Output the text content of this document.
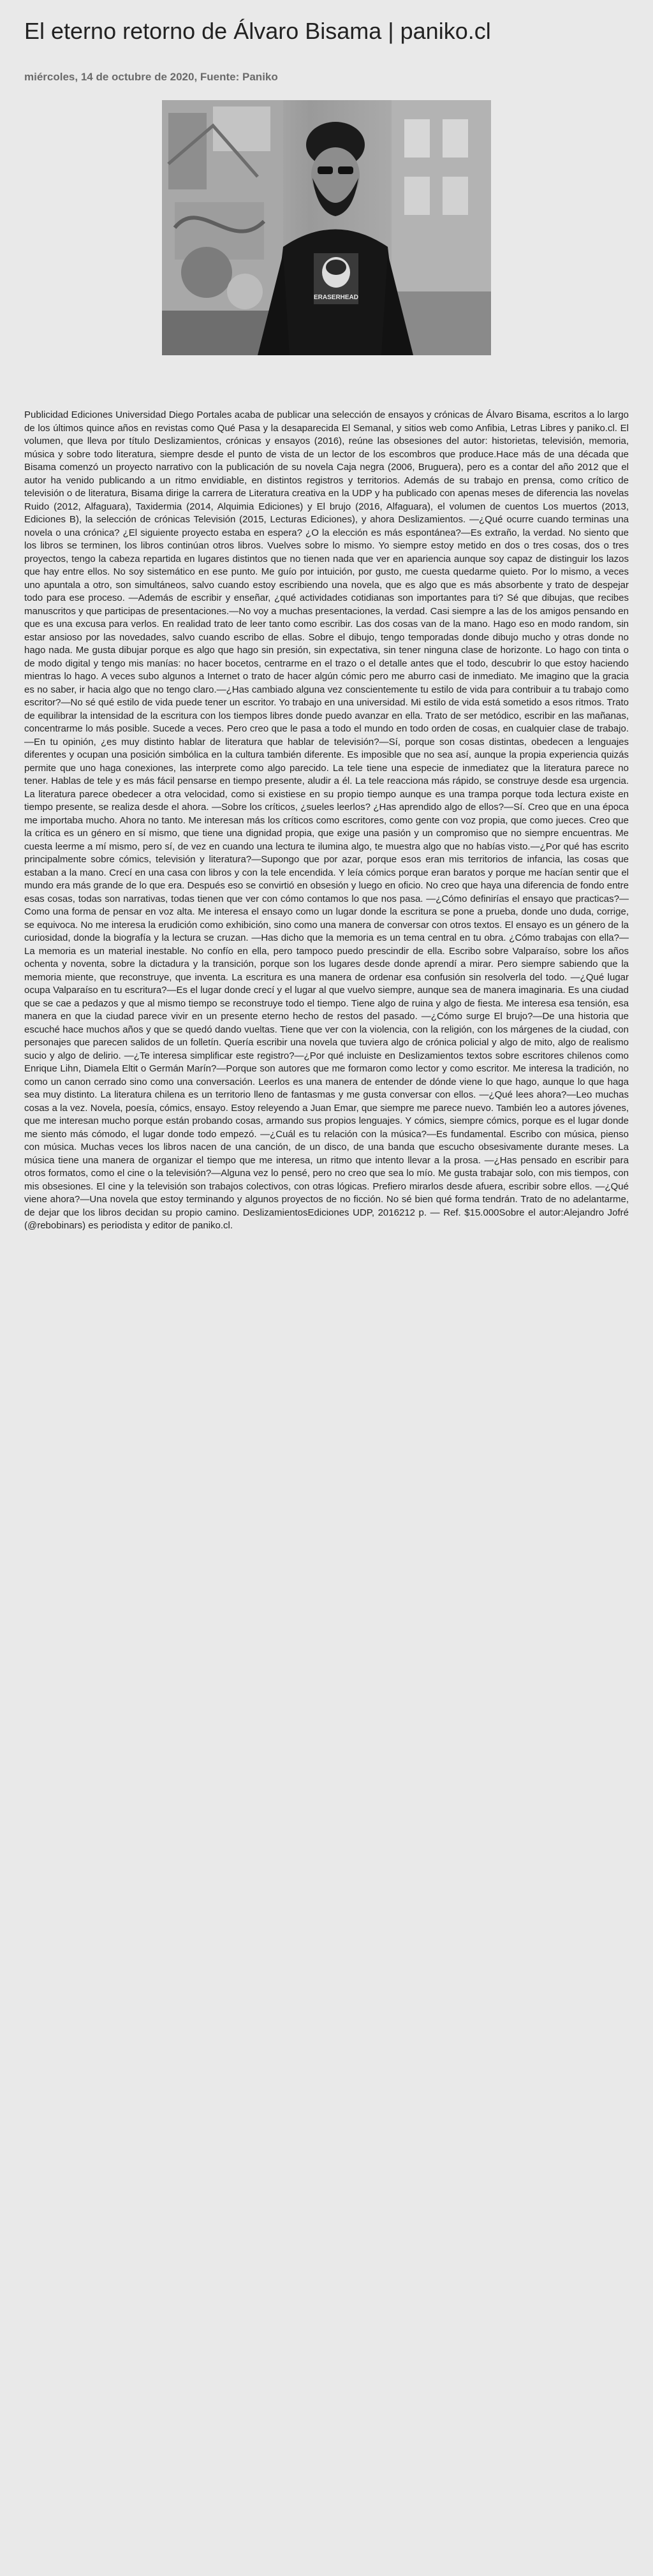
El eterno retorno de Álvaro Bisama | paniko.cl
miércoles, 14 de octubre de 2020, Fuente: Paniko
ERASERHEAD

Publicidad Ediciones Universidad Diego Portales acaba de publicar una selección de ensayos y crónicas de Álvaro Bisama, escritos a lo largo de los últimos quince años en revistas como Qué Pasa y la desaparecida El Semanal, y sitios web como Anfibia, Letras Libres y paniko.cl. El volumen, que lleva por título Deslizamientos, crónicas y ensayos (2016), reúne las obsesiones del autor: historietas, televisión, memoria, música y sobre todo literatura, siempre desde el punto de vista de un lector de los escombros que produce.Hace más de una década que Bisama comenzó un proyecto narrativo con la publicación de su novela Caja negra (2006, Bruguera), pero es a contar del año 2012 que el autor ha venido publicando a un ritmo envidiable, en distintos registros y territorios. Además de su trabajo en prensa, como crítico de televisión o de literatura, Bisama dirige la carrera de Literatura creativa en la UDP y ha publicado con apenas meses de diferencia las novelas Ruido (2012, Alfaguara), Taxidermia (2014, Alquimia Ediciones) y El brujo (2016, Alfaguara), el volumen de cuentos Los muertos (2013, Ediciones B), la selección de crónicas Televisión (2015, Lecturas Ediciones), y ahora Deslizamientos. —¿Qué ocurre cuando terminas una novela o una crónica? ¿El siguiente proyecto estaba en espera? ¿O la elección es más espontánea?—Es extraño, la verdad. No siento que los libros se terminen, los libros continúan otros libros. Vuelves sobre lo mismo. Yo siempre estoy metido en dos o tres cosas, dos o tres proyectos, tengo la cabeza repartida en lugares distintos que no tienen nada que ver en apariencia aunque soy capaz de distinguir los lazos que hay entre ellos. No soy sistemático en ese punto. Me guío por intuición, por gusto, me cuesta quedarme quieto. Por lo mismo, a veces uno apuntala a otro, son simultáneos, salvo cuando estoy escribiendo una novela, que es algo que es más absorbente y trato de despejar todo para ese proceso. —Además de escribir y enseñar, ¿qué actividades cotidianas son importantes para ti? Sé que dibujas, que recibes manuscritos y que participas de presentaciones.—No voy a muchas presentaciones, la verdad. Casi siempre a las de los amigos pensando en que es una excusa para verlos. En realidad trato de leer tanto como escribir. Las dos cosas van de la mano. Hago eso en modo random, sin estar ansioso por las novedades, salvo cuando escribo de ellas. Sobre el dibujo, tengo temporadas donde dibujo mucho y otras donde no hago nada. Me gusta dibujar porque es algo que hago sin presión, sin expectativa, sin tener ninguna clase de horizonte. Lo hago con tinta o de modo digital y tengo mis manías: no hacer bocetos, centrarme en el trazo o el detalle antes que el todo, descubrir lo que estoy haciendo mientras lo hago. A veces subo algunos a Internet o trato de hacer algún cómic pero me aburro casi de inmediato. Me imagino que la gracia es no saber, ir hacia algo que no tengo claro.—¿Has cambiado alguna vez conscientemente tu estilo de vida para contribuir a tu trabajo como escritor?—No sé qué estilo de vida puede tener un escritor. Yo trabajo en una universidad. Mi estilo de vida está sometido a esos ritmos. Trato de equilibrar la intensidad de la escritura con los tiempos libres donde puedo avanzar en ella. Trato de ser metódico, escribir en las mañanas, concentrarme lo más posible. Sucede a veces. Pero creo que le pasa a todo el mundo en todo orden de cosas, en cualquier clase de trabajo. —En tu opinión, ¿es muy distinto hablar de literatura que hablar de televisión?—Sí, porque son cosas distintas, obedecen a lenguajes diferentes y ocupan una posición simbólica en la cultura también diferente. Es imposible que no sea así, aunque la propia experiencia quizás permite que uno haga conexiones, las interprete como algo parecido. La tele tiene una especie de inmediatez que la literatura parece no tener. Hablas de tele y es más fácil pensarse en tiempo presente, aludir a él. La tele reacciona más rápido, se construye desde esa urgencia. La literatura parece obedecer a otra velocidad, como si existiese en su propio tiempo aunque es una trampa porque toda lectura existe en tiempo presente, se realiza desde el ahora. —Sobre los críticos, ¿sueles leerlos? ¿Has aprendido algo de ellos?—Sí. Creo que en una época me importaba mucho. Ahora no tanto. Me interesan más los críticos como escritores, como gente con voz propia, que como jueces. Creo que la crítica es un género en sí mismo, que tiene una dignidad propia, que exige una pasión y un compromiso que no siempre encuentras. Me cuesta leerme a mí mismo, pero sí, de vez en cuando una lectura te ilumina algo, te muestra algo que no habías visto.—¿Por qué has escrito principalmente sobre cómics, televisión y literatura?—Supongo que por azar, porque esos eran mis territorios de infancia, las cosas que estaban a la mano. Crecí en una casa con libros y con la tele encendida. Y leía cómics porque eran baratos y porque me hacían sentir que el mundo era más grande de lo que era. Después eso se convirtió en obsesión y luego en oficio. No creo que haya una diferencia de fondo entre esas cosas, todas son narrativas, todas tienen que ver con cómo contamos lo que nos pasa. —¿Cómo definirías el ensayo que practicas?—Como una forma de pensar en voz alta. Me interesa el ensayo como un lugar donde la escritura se pone a prueba, donde uno duda, corrige, se equivoca. No me interesa la erudición como exhibición, sino como una manera de conversar con otros textos. El ensayo es un género de la curiosidad, donde la biografía y la lectura se cruzan. —Has dicho que la memoria es un tema central en tu obra. ¿Cómo trabajas con ella?—La memoria es un material inestable. No confío en ella, pero tampoco puedo prescindir de ella. Escribo sobre Valparaíso, sobre los años ochenta y noventa, sobre la dictadura y la transición, porque son los lugares desde donde aprendí a mirar. Pero siempre sabiendo que la memoria miente, que reconstruye, que inventa. La escritura es una manera de ordenar esa confusión sin resolverla del todo. —¿Qué lugar ocupa Valparaíso en tu escritura?—Es el lugar donde crecí y el lugar al que vuelvo siempre, aunque sea de manera imaginaria. Es una ciudad que se cae a pedazos y que al mismo tiempo se reconstruye todo el tiempo. Tiene algo de ruina y algo de fiesta. Me interesa esa tensión, esa manera en que la ciudad parece vivir en un presente eterno hecho de restos del pasado. —¿Cómo surge El brujo?—De una historia que escuché hace muchos años y que se quedó dando vueltas. Tiene que ver con la violencia, con la religión, con los márgenes de la ciudad, con personajes que parecen salidos de un folletín. Quería escribir una novela que tuviera algo de crónica policial y algo de mito, algo de realismo sucio y algo de delirio. —¿Te interesa simplificar este registro?—¿Por qué incluiste en Deslizamientos textos sobre escritores chilenos como Enrique Lihn, Diamela Eltit o Germán Marín?—Porque son autores que me formaron como lector y como escritor. Me interesa la tradición, no como un canon cerrado sino como una conversación. Leerlos es una manera de entender de dónde viene lo que hago, aunque lo que haga sea muy distinto. La literatura chilena es un territorio lleno de fantasmas y me gusta conversar con ellos. —¿Qué lees ahora?—Leo muchas cosas a la vez. Novela, poesía, cómics, ensayo. Estoy releyendo a Juan Emar, que siempre me parece nuevo. También leo a autores jóvenes, que me interesan mucho porque están probando cosas, armando sus propios lenguajes. Y cómics, siempre cómics, porque es el lugar donde me siento más cómodo, el lugar donde todo empezó. —¿Cuál es tu relación con la música?—Es fundamental. Escribo con música, pienso con música. Muchas veces los libros nacen de una canción, de un disco, de una banda que escucho obsesivamente durante meses. La música tiene una manera de organizar el tiempo que me interesa, un ritmo que intento llevar a la prosa. —¿Has pensado en escribir para otros formatos, como el cine o la televisión?—Alguna vez lo pensé, pero no creo que sea lo mío. Me gusta trabajar solo, con mis tiempos, con mis obsesiones. El cine y la televisión son trabajos colectivos, con otras lógicas. Prefiero mirarlos desde afuera, escribir sobre ellos. —¿Qué viene ahora?—Una novela que estoy terminando y algunos proyectos de no ficción. No sé bien qué forma tendrán. Trato de no adelantarme, de dejar que los libros decidan su propio camino. DeslizamientosEdiciones UDP, 2016212 p. — Ref. $15.000Sobre el autor:Alejandro Jofré (@rebobinars) es periodista y editor de paniko.cl.
